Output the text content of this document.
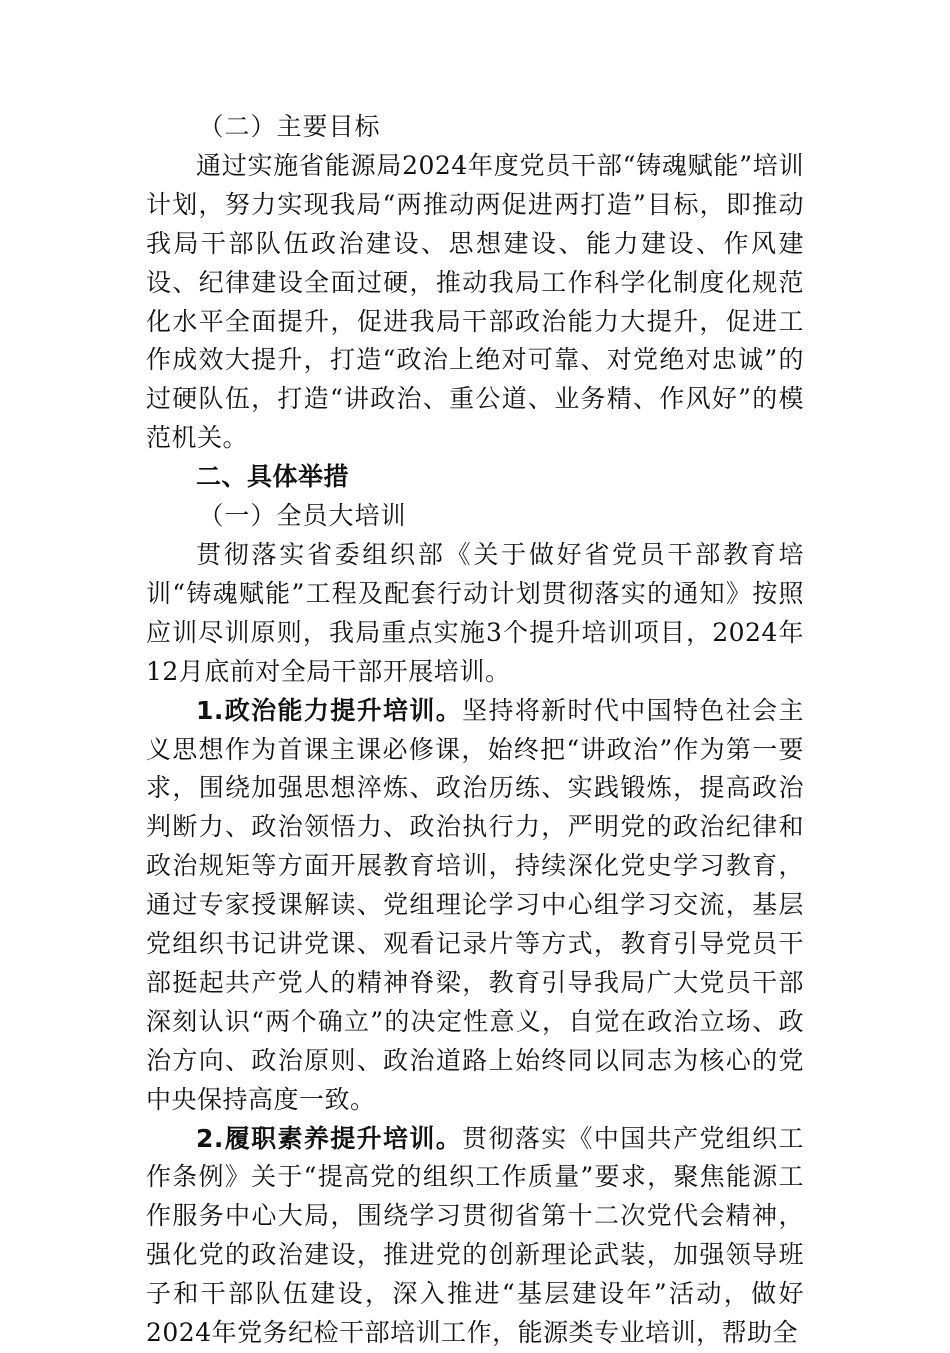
（二）主要目标

通过实施省能源局2024年度党员干部“铸魂赋能”培训计划，努力实现我局“两推动两促进两打造”目标，即推动我局干部队伍政治建设、思想建设、能力建设、作风建设、纪律建设全面过硬，推动我局工作科学化制度化规范化水平全面提升，促进我局干部政治能力大提升，促进工作成效大提升，打造“政治上绝对可靠、对党绝对忠诚”的过硬队伍，打造“讲政治、重公道、业务精、作风好”的模范机关。

二、具体举措

（一）全员大培训

贯彻落实省委组织部《关于做好省党员干部教育培训“铸魂赋能”工程及配套行动计划贯彻落实的通知》按照应训尽训原则，我局重点实施3个提升培训项目，2024年12月底前对全局干部开展培训。

1.政治能力提升培训。坚持将新时代中国特色社会主义思想作为首课主课必修课，始终把“讲政治”作为第一要求，围绕加强思想淬炼、政治历练、实践锻炼，提高政治判断力、政治领悟力、政治执行力，严明党的政治纪律和政治规矩等方面开展教育培训，持续深化党史学习教育，通过专家授课解读、党组理论学习中心组学习交流，基层党组织书记讲党课、观看记录片等方式，教育引导党员干部挺起共产党人的精神脊梁，教育引导我局广大党员干部深刻认识“两个确立”的决定性意义，自觉在政治立场、政治方向、政治原则、政治道路上始终同以同志为核心的党中央保持高度一致。

2.履职素养提升培训。贯彻落实《中国共产党组织工作条例》关于“提高党的组织工作质量”要求，聚焦能源工作服务中心大局，围绕学习贯彻省第十二次党代会精神，强化党的政治建设，推进党的创新理论武装，加强领导班子和干部队伍建设，深入推进“基层建设年”活动，做好2024年党务纪检干部培训工作，能源类专业培训，帮助全
